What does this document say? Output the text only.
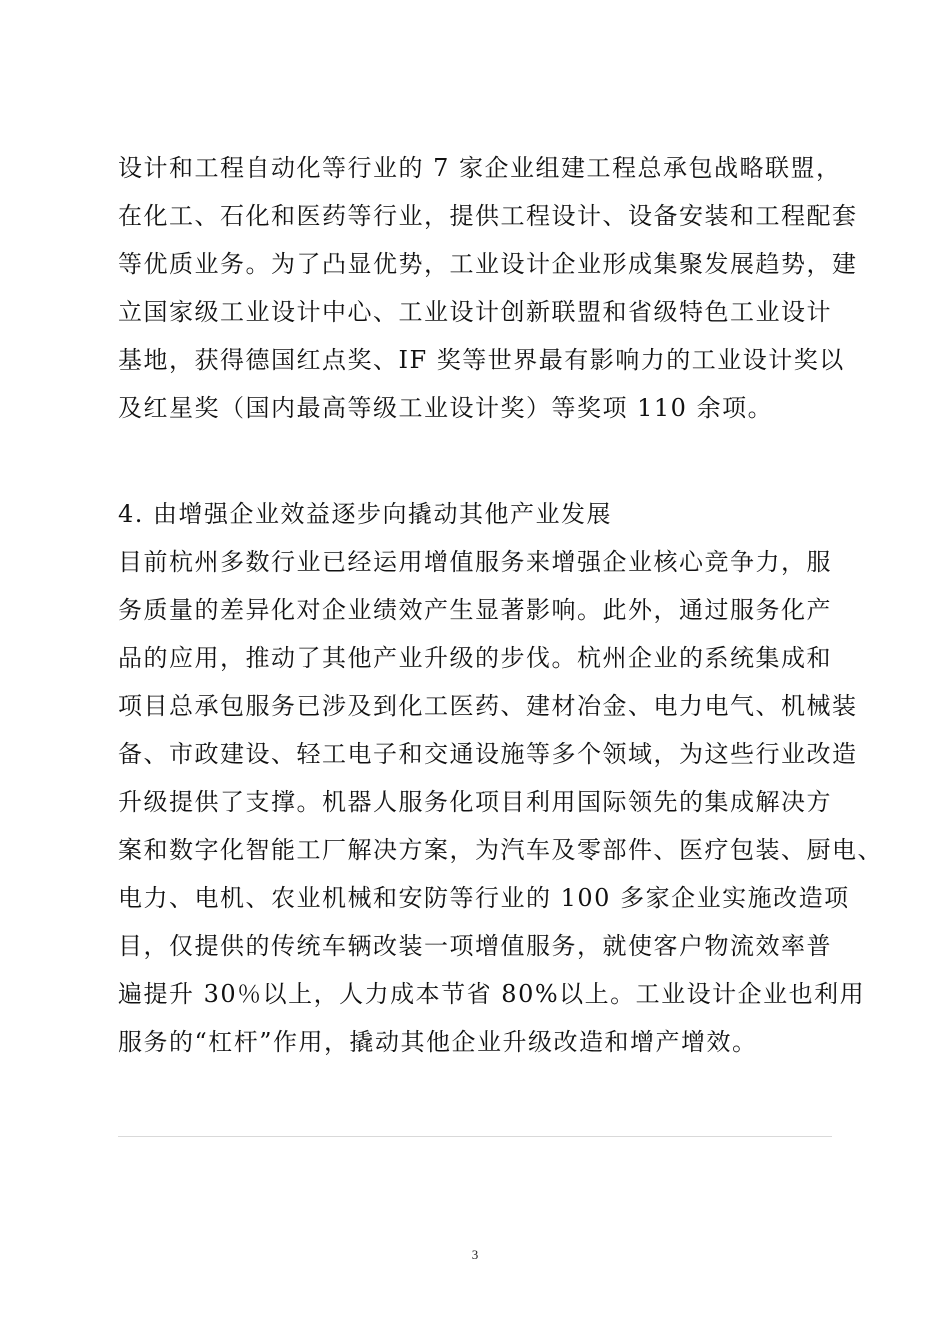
设计和工程自动化等行业的 7 家企业组建工程总承包战略联盟，
在化工、石化和医药等行业，提供工程设计、设备安装和工程配套
等优质业务。为了凸显优势，工业设计企业形成集聚发展趋势，建
立国家级工业设计中心、工业设计创新联盟和省级特色工业设计
基地，获得德国红点奖、IF 奖等世界最有影响力的工业设计奖以
及红星奖（国内最高等级工业设计奖）等奖项 110 余项。
4. 由增强企业效益逐步向撬动其他产业发展
目前杭州多数行业已经运用增值服务来增强企业核心竞争力，服
务质量的差异化对企业绩效产生显著影响。此外，通过服务化产
品的应用，推动了其他产业升级的步伐。杭州企业的系统集成和
项目总承包服务已涉及到化工医药、建材冶金、电力电气、机械装
备、市政建设、轻工电子和交通设施等多个领域，为这些行业改造
升级提供了支撑。机器人服务化项目利用国际领先的集成解决方
案和数字化智能工厂解决方案，为汽车及零部件、医疗包装、厨电、
电力、电机、农业机械和安防等行业的 100 多家企业实施改造项
目，仅提供的传统车辆改装一项增值服务，就使客户物流效率普
遍提升 30％以上，人力成本节省 80%以上。工业设计企业也利用
服务的“杠杆”作用，撬动其他企业升级改造和增产增效。
3
